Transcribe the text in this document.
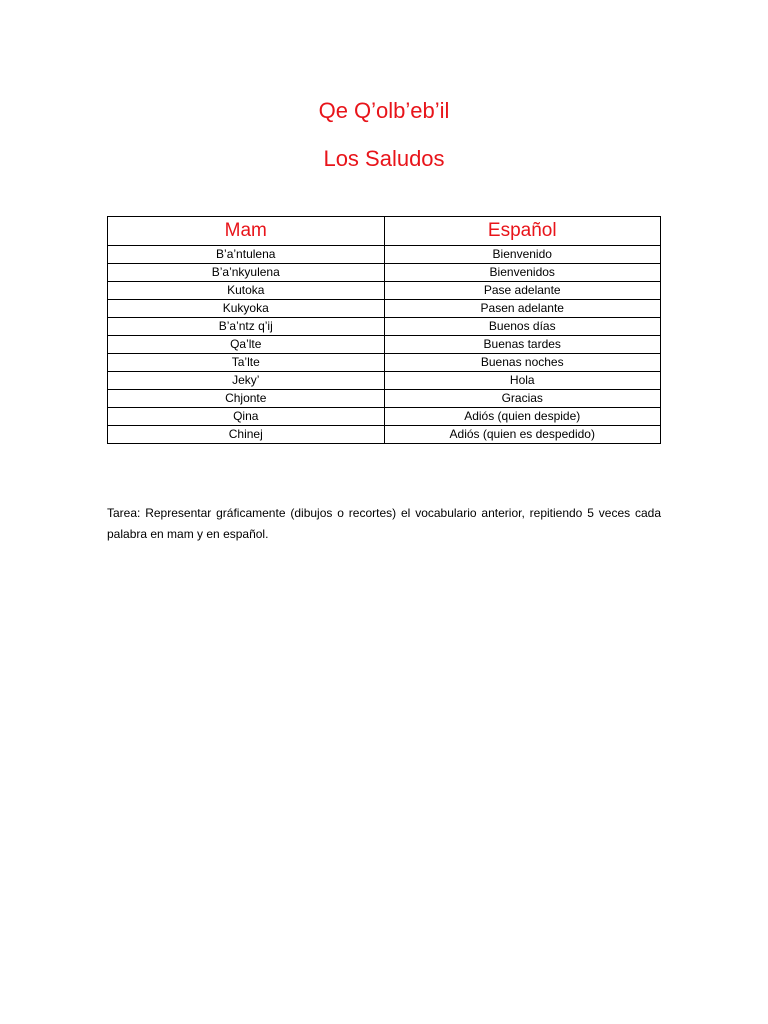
Qe Q’olb’eb’il
Los Saludos
Mam	Español
B’a’ntulena	Bienvenido
B’a’nkyulena	Bienvenidos
Kutoka	Pase adelante
Kukyoka	Pasen adelante
B’a’ntz q’ij	Buenos días
Qa’lte	Buenas tardes
Ta’lte	Buenas noches
Jeky’	Hola
Chjonte	Gracias
Qina	Adiós (quien despide)
Chinej	Adiós (quien es despedido)
Tarea: Representar gráficamente (dibujos o recortes) el vocabulario anterior, repitiendo 5 veces cada palabra en mam y en español.
